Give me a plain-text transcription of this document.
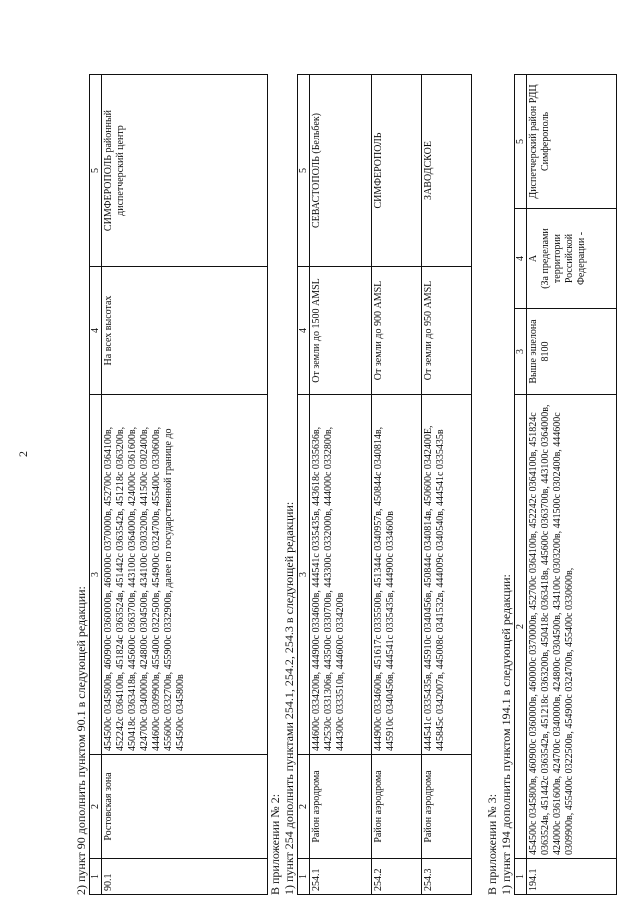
2
2) пункт 90 дополнить пунктом 90.1 в следующей редакции: 1	2	3	4	5
90.1	Ростовская зона	454500с 0345800в, 460900с 0360000в, 460000с 0370000в, 452700с 0364100в, 452242с 0364100в, 451824с 0363524в, 451442с 0363542в, 451218с 0363200в, 450418с 0363418в, 445600с 0363700в, 443100с 0364000в, 424000с 0361600в, 424700с 0340000в, 424800с 0304500в, 434100с 0303200в, 441500с 0302400в, 444600с 0309900в, 455400с 0322500в, 454900с 0324700в, 455400с 0330600в, 455600с 0332700в, 455900с 0332900в, далее по государственной границе до 454500с 0345800в	На всех высотах	СИМФЕРОПОЛЬ районный диспетчерский центр
В приложении № 2: 1) пункт 254 дополнить пунктами 254.1, 254.2, 254.3 в следующей редакции: 1	2	3	4	5
254.1	Район аэродрома	444600с 0334200в, 444900с 0334600в, 444541с 0335435в, 443618с 0335636в, 442530с 0331306в, 443500с 0330700в, 443300с 0332000в, 444000с 0332800в, 444300с 0333510в, 444600с 0334200в	От земли до 1500 AMSL	СЕВАСТОПОЛЬ (Бельбек)
254.2	Район аэродрома	444900с 0334600в, 451617с 0335500в, 451344с 0340957в, 450844с 0340814в, 445910с 0340456в, 444541с 0335435в, 444900с 0334600в	От земли до 900 AMSL	СИМФЕРОПОЛЬ
254.3	Район аэродрома	444541с 0335435в, 445910с 0340456в, 450844с 0340814в, 450600с 0342400Е, 445845с 0342007в, 445008с 0341532в, 444009с 0340540в, 444541с 0335435в	От земли до 950 AMSL	ЗАВОДСКОЕ
В приложении № 3: 1) пункт 194 дополнить пунктом 194.1 в следующей редакции: 1	2	3	4	5
194.1	454500с 0345800в, 460900с 0360000в, 460000с 0370000в, 452700с 0364100в, 452242с 0364100в, 451824с 0363524в, 451442с 0363542в, 451218с 0363200в, 450418с 0363418в, 445600с 0363700в, 443100с 0364000в, 424000с 0361600в, 424700с 0340000в, 424800с 0304500в, 434100с 0303200в, 441500с 0302400в, 444600с 0309900в, 455400с 0322500в, 454900с 0324700в, 455400с 0330600в,	Выше эшелона 8100	А (За пределами территории Российской Федерации -	Диспетчерский район РДЦ Симферополь
